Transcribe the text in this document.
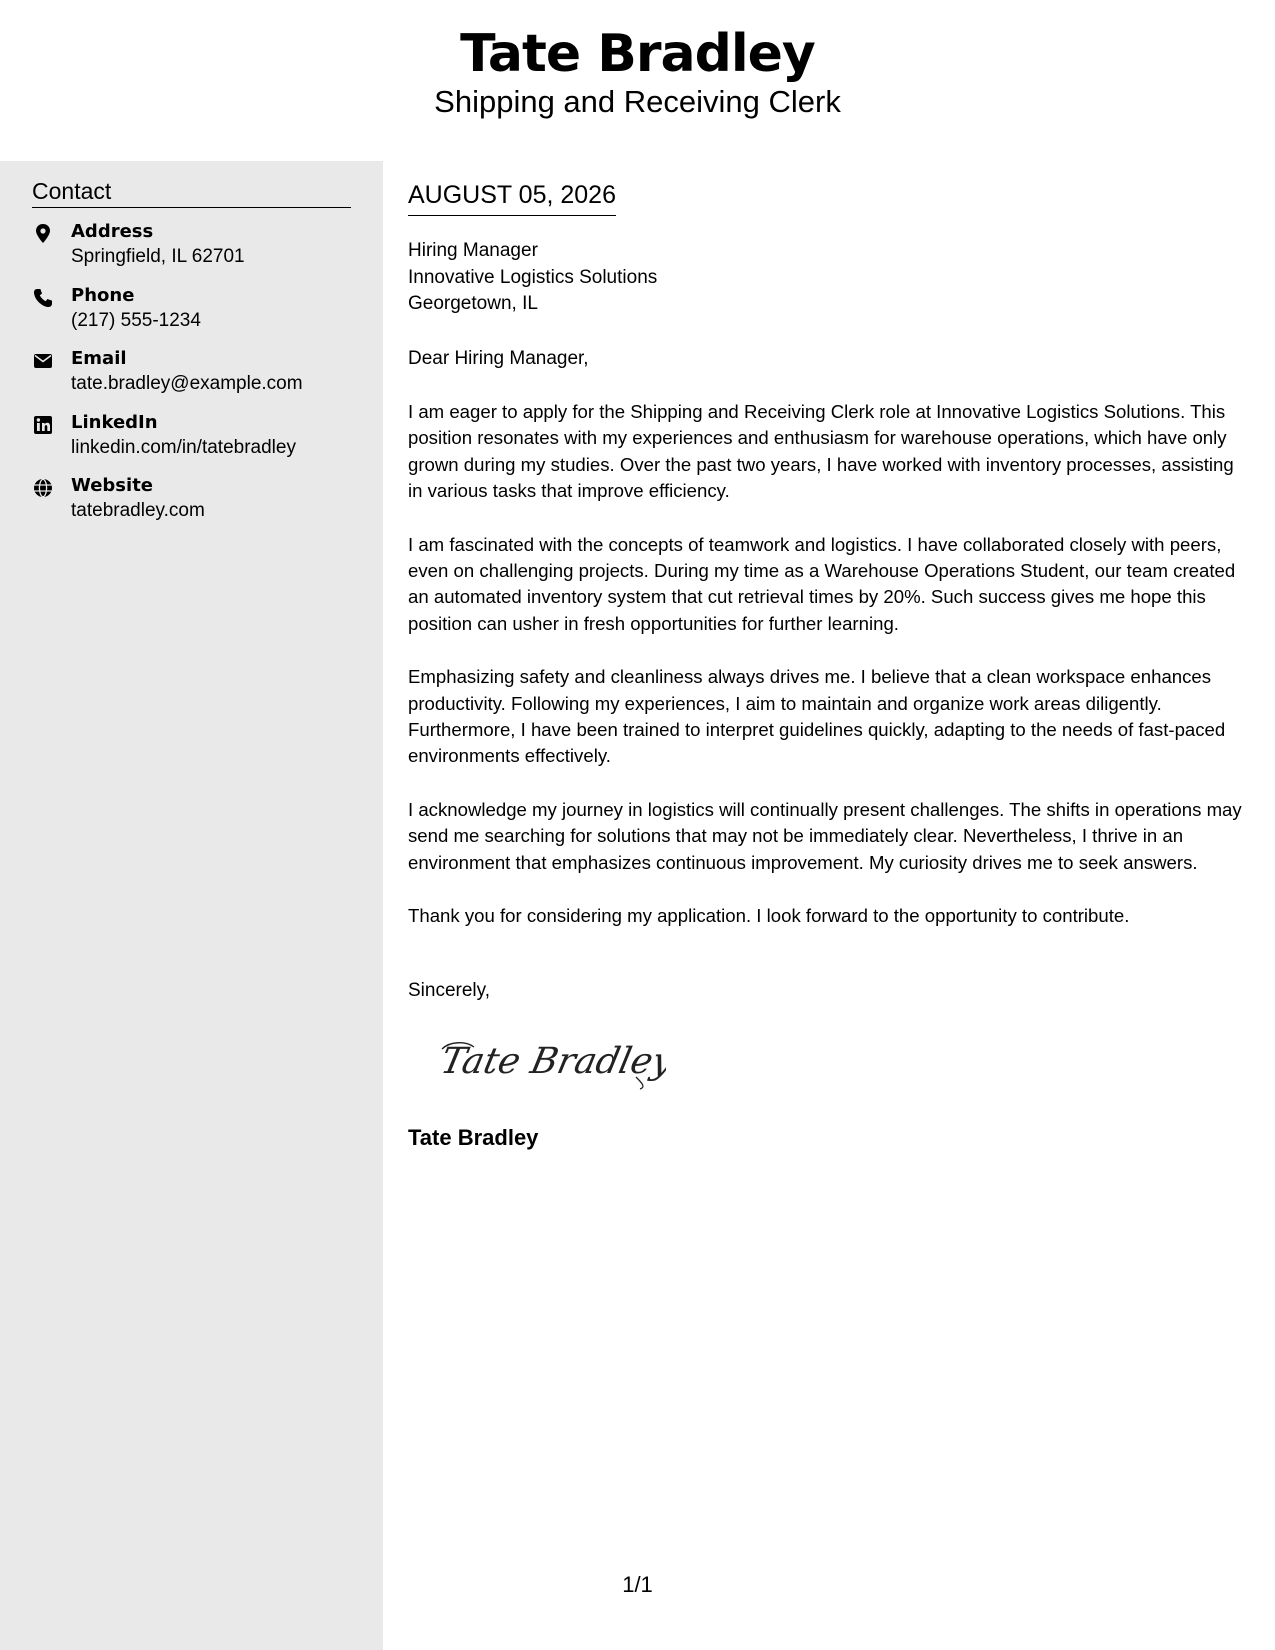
Tate Bradley
Shipping and Receiving Clerk
Contact
Address
Springfield, IL 62701
Phone
(217) 555-1234
Email
tate.bradley@example.com
LinkedIn
linkedin.com/in/tatebradley
Website
tatebradley.com
AUGUST 05, 2026
Hiring Manager
Innovative Logistics Solutions
Georgetown, IL
Dear Hiring Manager,

I am eager to apply for the Shipping and Receiving Clerk role at Innovative Logistics Solutions. This position resonates with my experiences and enthusiasm for warehouse operations, which have only grown during my studies. Over the past two years, I have worked with inventory processes, assisting in various tasks that improve efficiency.

I am fascinated with the concepts of teamwork and logistics. I have collaborated closely with peers, even on challenging projects. During my time as a Warehouse Operations Student, our team created an automated inventory system that cut retrieval times by 20%. Such success gives me hope this position can usher in fresh opportunities for further learning.

Emphasizing safety and cleanliness always drives me. I believe that a clean workspace enhances productivity. Following my experiences, I aim to maintain and organize work areas diligently. Furthermore, I have been trained to interpret guidelines quickly, adapting to the needs of fast-paced environments effectively.

I acknowledge my journey in logistics will continually present challenges. The shifts in operations may send me searching for solutions that may not be immediately clear. Nevertheless, I thrive in an environment that emphasizes continuous improvement. My curiosity drives me to seek answers.

Thank you for considering my application. I look forward to the opportunity to contribute.

Sincerely,
Tate Bradley
Tate Bradley
1/1
